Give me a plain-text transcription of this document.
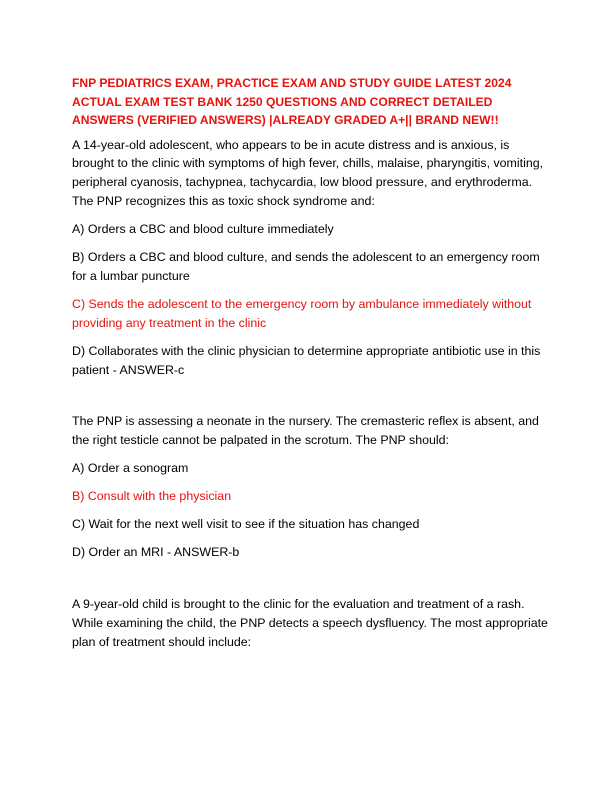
FNP PEDIATRICS EXAM, PRACTICE EXAM AND STUDY GUIDE LATEST 2024 ACTUAL EXAM TEST BANK 1250 QUESTIONS AND CORRECT DETAILED ANSWERS (VERIFIED ANSWERS) |ALREADY GRADED A+|| BRAND NEW!!

A 14-year-old adolescent, who appears to be in acute distress and is anxious, is brought to the clinic with symptoms of high fever, chills, malaise, pharyngitis, vomiting, peripheral cyanosis, tachypnea, tachycardia, low blood pressure, and erythroderma. The PNP recognizes this as toxic shock syndrome and:

A) Orders a CBC and blood culture immediately

B) Orders a CBC and blood culture, and sends the adolescent to an emergency room for a lumbar puncture

C) Sends the adolescent to the emergency room by ambulance immediately without providing any treatment in the clinic

D) Collaborates with the clinic physician to determine appropriate antibiotic use in this patient - ANSWER-c

The PNP is assessing a neonate in the nursery. The cremasteric reflex is absent, and the right testicle cannot be palpated in the scrotum. The PNP should:

A) Order a sonogram

B) Consult with the physician

C) Wait for the next well visit to see if the situation has changed

D) Order an MRI - ANSWER-b

A 9-year-old child is brought to the clinic for the evaluation and treatment of a rash. While examining the child, the PNP detects a speech dysfluency. The most appropriate plan of treatment should include:
